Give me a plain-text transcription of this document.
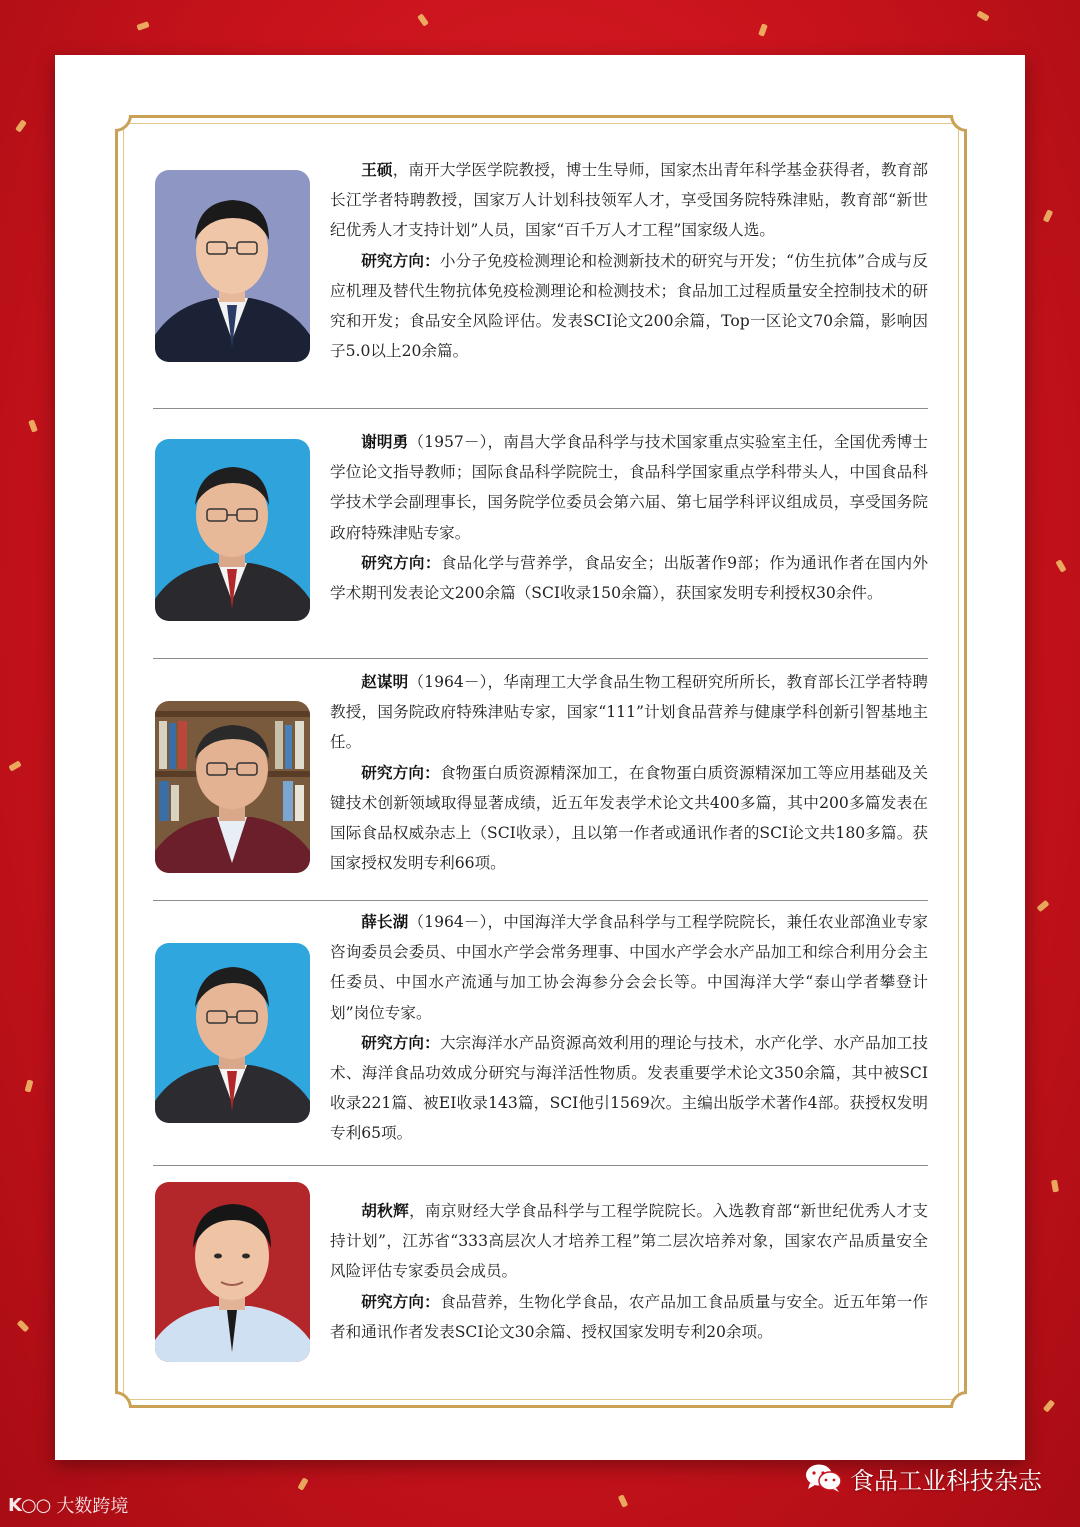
王硕，南开大学医学院教授，博士生导师，国家杰出青年科学基金获得者，教育部长江学者特聘教授，国家万人计划科技领军人才，享受国务院特殊津贴，教育部“新世纪优秀人才支持计划”人员，国家“百千万人才工程”国家级人选。

研究方向：小分子免疫检测理论和检测新技术的研究与开发；“仿生抗体”合成与反应机理及替代生物抗体免疫检测理论和检测技术；食品加工过程质量安全控制技术的研究和开发；食品安全风险评估。发表SCI论文200余篇，Top一区论文70余篇，影响因子5.0以上20余篇。

谢明勇（1957－），南昌大学食品科学与技术国家重点实验室主任，全国优秀博士学位论文指导教师；国际食品科学院院士，食品科学国家重点学科带头人，中国食品科学技术学会副理事长，国务院学位委员会第六届、第七届学科评议组成员，享受国务院政府特殊津贴专家。

研究方向：食品化学与营养学，食品安全；出版著作9部；作为通讯作者在国内外学术期刊发表论文200余篇（SCI收录150余篇），获国家发明专利授权30余件。

赵谋明（1964－），华南理工大学食品生物工程研究所所长，教育部长江学者特聘教授，国务院政府特殊津贴专家，国家“111”计划食品营养与健康学科创新引智基地主任。

研究方向：食物蛋白质资源精深加工，在食物蛋白质资源精深加工等应用基础及关键技术创新领域取得显著成绩，近五年发表学术论文共400多篇，其中200多篇发表在国际食品权威杂志上（SCI收录），且以第一作者或通讯作者的SCI论文共180多篇。获国家授权发明专利66项。

薛长湖（1964－），中国海洋大学食品科学与工程学院院长，兼任农业部渔业专家咨询委员会委员、中国水产学会常务理事、中国水产学会水产品加工和综合利用分会主任委员、中国水产流通与加工协会海参分会会长等。中国海洋大学“泰山学者攀登计划”岗位专家。

研究方向：大宗海洋水产品资源高效利用的理论与技术，水产化学、水产品加工技术、海洋食品功效成分研究与海洋活性物质。发表重要学术论文350余篇，其中被SCI收录221篇、被EI收录143篇，SCI他引1569次。主编出版学术著作4部。获授权发明专利65项。

胡秋辉，南京财经大学食品科学与工程学院院长。入选教育部“新世纪优秀人才支持计划”，江苏省“333高层次人才培养工程”第二层次培养对象，国家农产品质量安全风险评估专家委员会成员。

研究方向：食品营养，生物化学食品，农产品加工食品质量与安全。近五年第一作者和通讯作者发表SCI论文30余篇、授权国家发明专利20余项。

食品工业科技杂志
K○○ 大数跨境
